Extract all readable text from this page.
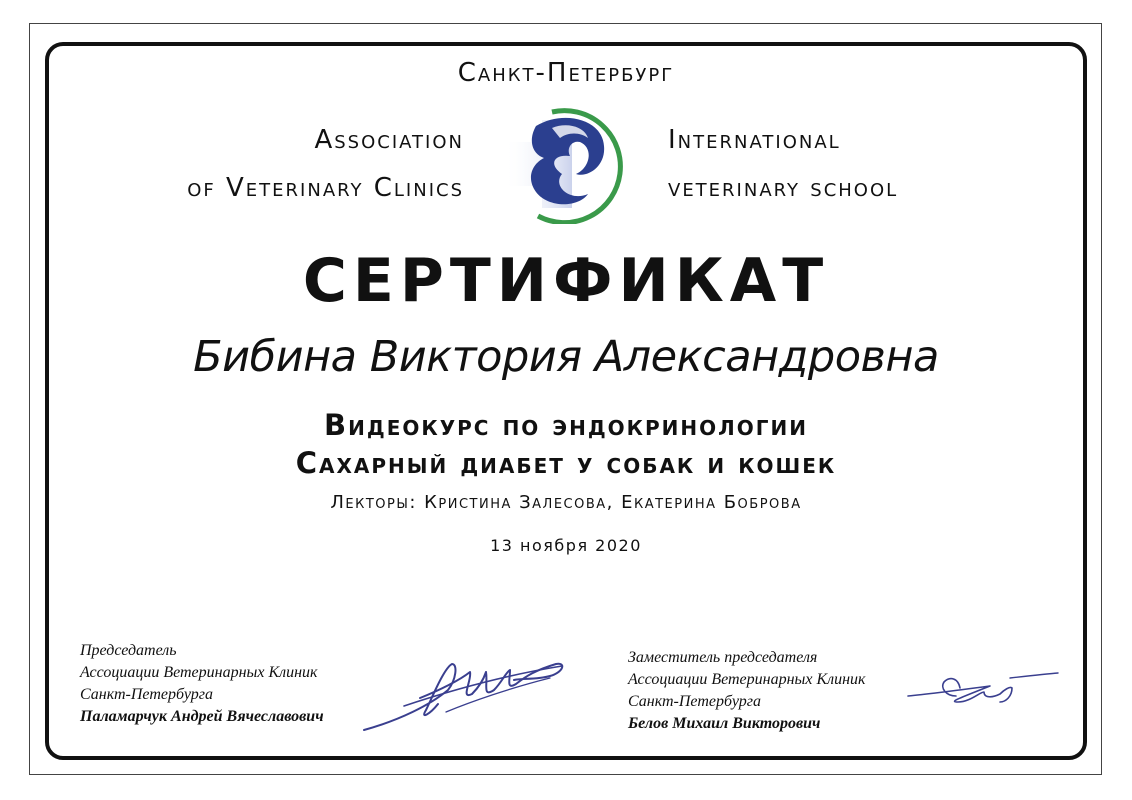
Санкт-Петербург
Association
of Veterinary Clinics
International
veterinary school
СЕРТИФИКАТ
Бибина Виктория Александровна
Видеокурс по эндокринологии
Сахарный диабет у собак и кошек
Лекторы: Кристина Залесова, Екатерина Боброва
13 ноября 2020
Председатель
Ассоциации Ветеринарных Клиник
Санкт-Петербурга
Паламарчук Андрей Вячеславович
Заместитель председателя
Ассоциации Ветеринарных Клиник
Санкт-Петербурга
Белов Михаил Викторович
